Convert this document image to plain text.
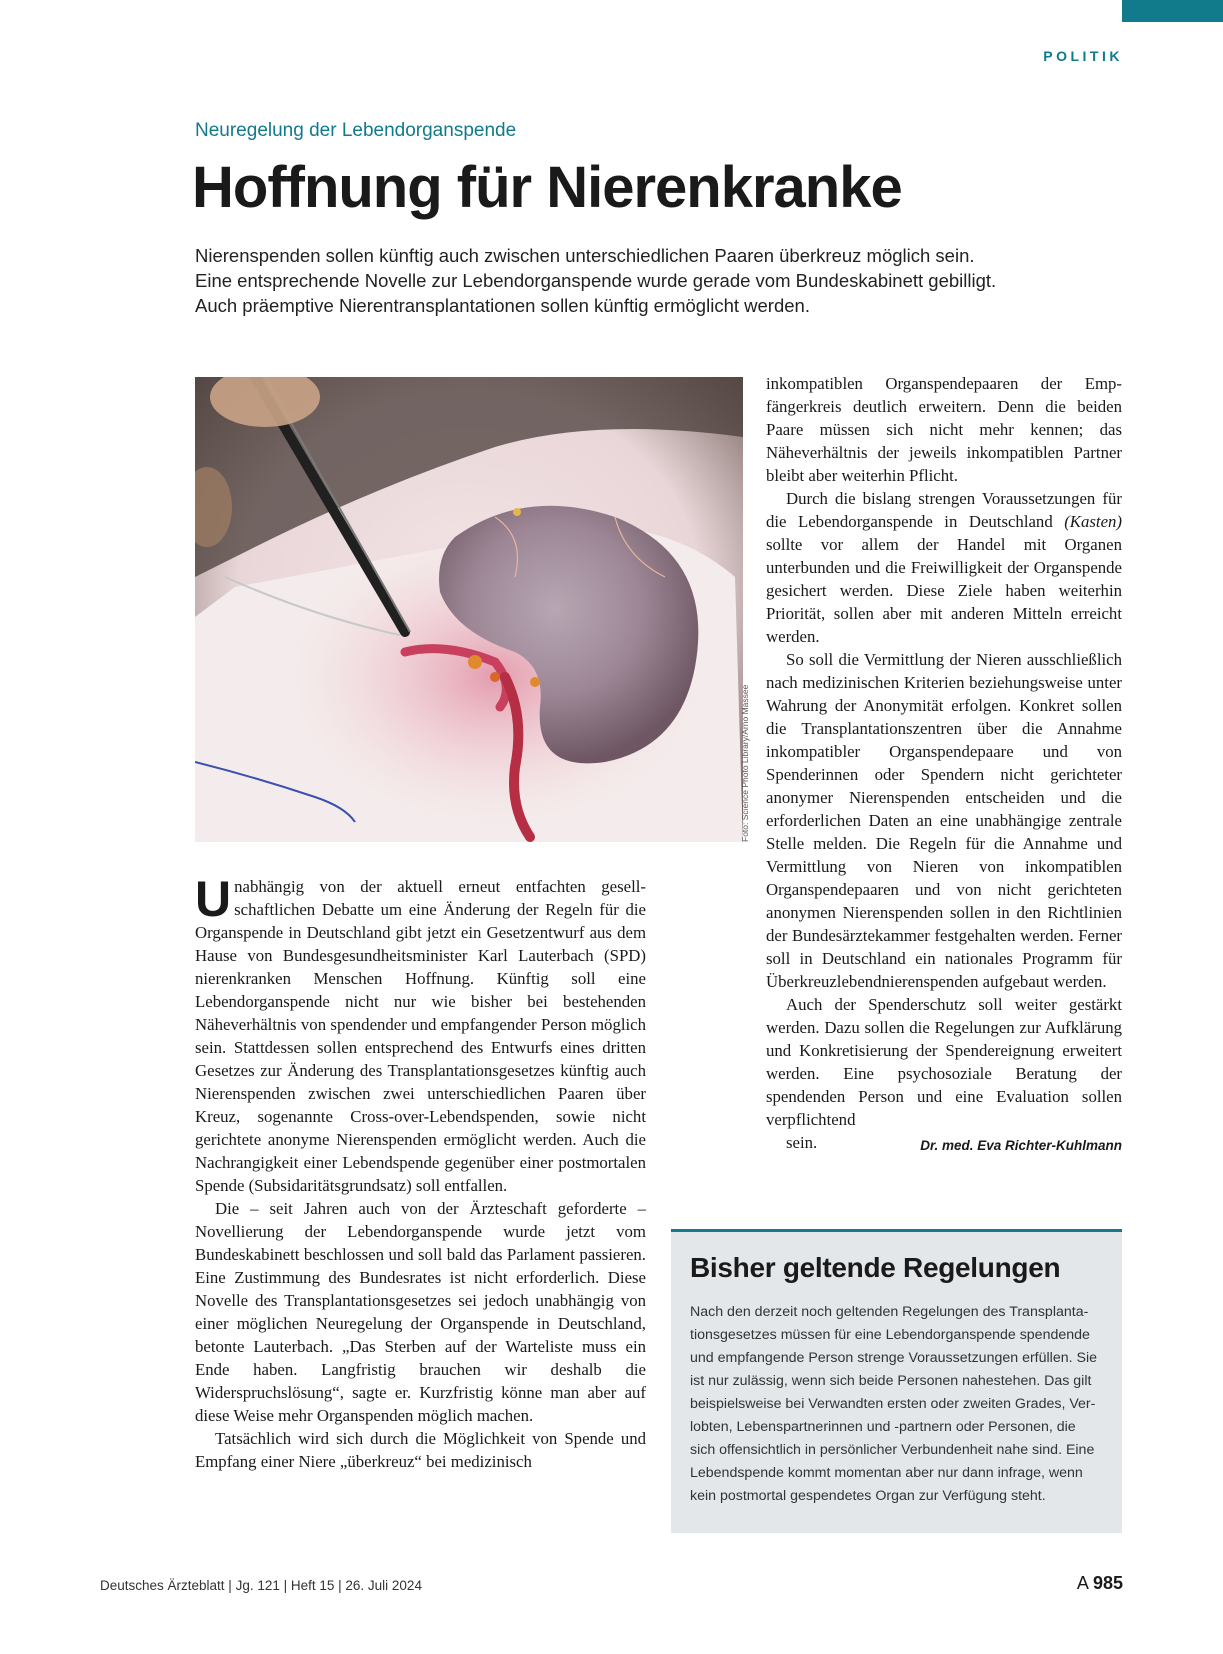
POLITIK
Neuregelung der Lebendorganspende
Hoffnung für Nierenkranke
Nierenspenden sollen künftig auch zwischen unterschiedlichen Paaren überkreuz möglich sein.
Eine entsprechende Novelle zur Lebendorganspende wurde gerade vom Bundeskabinett gebilligt.
Auch präemptive Nierentransplantationen sollen künftig ermöglicht werden.
Foto: Science Photo Library/Arno Massee

Unabhängig von der aktuell erneut entfachten gesellschaftlichen Debatte um eine Änderung der Regeln für die Organspende in Deutschland gibt jetzt ein Gesetzentwurf aus dem Hause von Bundesgesundheitsminister Karl Lauterbach (SPD) nierenkranken Menschen Hoffnung. Künftig soll eine Lebendorganspende nicht nur wie bisher bei bestehenden Näheverhältnis von spendender und empfangender Person möglich sein. Stattdessen sollen entsprechend des Entwurfs eines dritten Gesetzes zur Änderung des Transplantationsgesetzes künftig auch Nierenspenden zwischen zwei unterschiedlichen Paaren über Kreuz, sogenannte Cross-over-Lebendspenden, sowie nicht gerichtete anonyme Nierenspenden ermöglicht werden. Auch die Nachrangigkeit einer Lebendspende gegenüber einer postmortalen Spende (Subsidaritätsgrundsatz) soll entfallen.

Die – seit Jahren auch von der Ärzteschaft geforderte – Novellierung der Lebendorganspende wurde jetzt vom Bundeskabinett beschlossen und soll bald das Parlament passieren. Eine Zustimmung des Bundesrates ist nicht erforderlich. Diese Novelle des Transplantationsgesetzes sei jedoch unabhängig von einer möglichen Neuregelung der Organspende in Deutschland, betonte Lauterbach. „Das Sterben auf der Warteliste muss ein Ende haben. Langfristig brauchen wir deshalb die Widerspruchslösung“, sagte er. Kurzfristig könne man aber auf diese Weise mehr Organspenden möglich machen.

Tatsächlich wird sich durch die Möglichkeit von Spende und Empfang einer Niere „überkreuz“ bei medizinisch

inkompatiblen Organspendepaaren der Empfängerkreis deutlich erweitern. Denn die beiden Paare müssen sich nicht mehr kennen; das Näheverhältnis der jeweils inkompatiblen Partner bleibt aber weiterhin Pflicht.

Durch die bislang strengen Voraussetzungen für die Lebendorganspende in Deutschland (Kasten) sollte vor allem der Handel mit Organen unterbunden und die Freiwilligkeit der Organspende gesichert werden. Diese Ziele haben weiterhin Priorität, sollen aber mit anderen Mitteln erreicht werden.

So soll die Vermittlung der Nieren ausschließlich nach medizinischen Kriterien beziehungsweise unter Wahrung der Anonymität erfolgen. Konkret sollen die Transplantationszentren über die Annahme inkompatibler Organspendepaare und von Spenderinnen oder Spendern nicht gerichteter anonymer Nierenspenden entscheiden und die erforderlichen Daten an eine unabhängige zentrale Stelle melden. Die Regeln für die Annahme und Vermittlung von Nieren von inkompatiblen Organspendepaaren und von nicht gerichteten anonymen Nierenspenden sollen in den Richtlinien der Bundesärztekammer festgehalten werden. Ferner soll in Deutschland ein nationales Programm für Überkreuzlebendnierenspenden aufgebaut werden.

Auch der Spenderschutz soll weiter gestärkt werden. Dazu sollen die Regelungen zur Aufklärung und Konkretisierung der Spendereignung erweitert werden. Eine psychosoziale Beratung der spendenden Person und eine Evaluation sollen verpflichtend
sein.	Dr. med. Eva Richter-Kuhlmann

Bisher geltende Regelungen

Nach den derzeit noch geltenden Regelungen des Transplantationsgesetzes müssen für eine Lebendorganspende spendende und empfangende Person strenge Voraussetzungen erfüllen. Sie ist nur zulässig, wenn sich beide Personen nahestehen. Das gilt beispielsweise bei Verwandten ersten oder zweiten Grades, Verlobten, Lebenspartnerinnen und -partnern oder Personen, die sich offensichtlich in persönlicher Verbundenheit nahe sind. Eine Lebendspende kommt momentan aber nur dann infrage, wenn kein postmortal gespendetes Organ zur Verfügung steht.

Deutsches Ärzteblatt | Jg. 121 | Heft 15 | 26. Juli 2024	A 985
